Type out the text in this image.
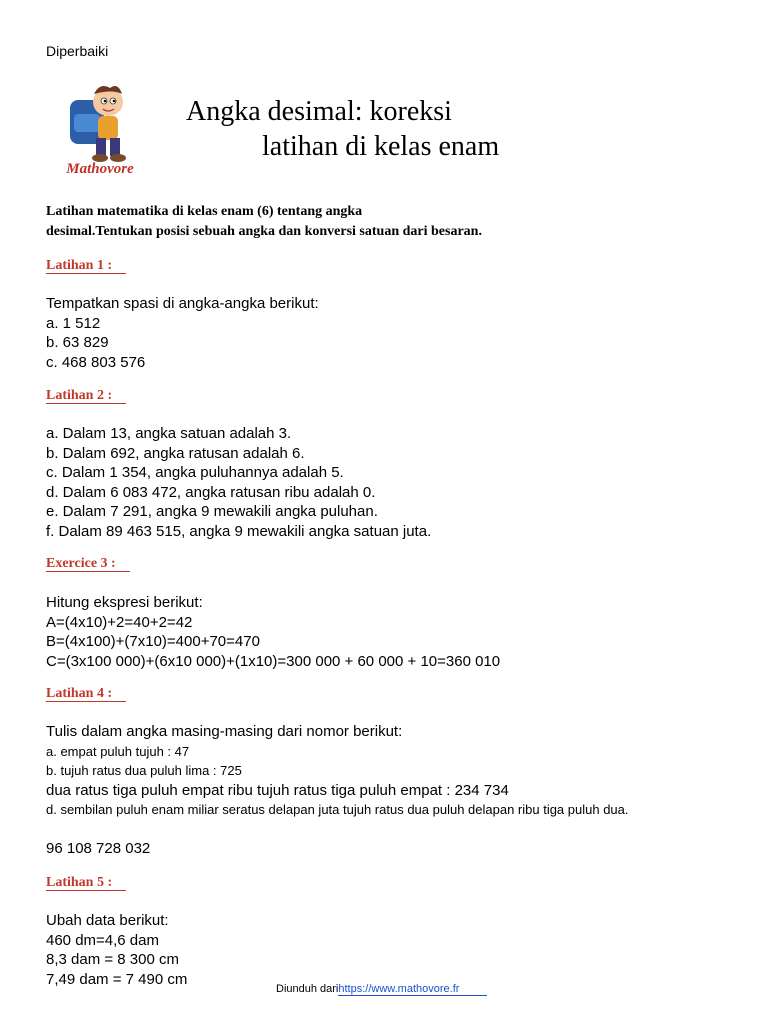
Diperbaiki
Mathovore
Angka desimal: koreksi
latihan di kelas enam
Latihan matematika di kelas enam (6) tentang angka
desimal.Tentukan posisi sebuah angka dan konversi satuan dari besaran.
Latihan 1 :
Tempatkan spasi di angka-angka berikut:
a. 1 512
b. 63 829
c. 468 803 576
Latihan 2 :
a. Dalam 13, angka satuan adalah 3.
b. Dalam 692, angka ratusan adalah 6.
c. Dalam 1 354, angka puluhannya adalah 5.
d. Dalam 6 083 472, angka ratusan ribu adalah 0.
e. Dalam 7 291, angka 9 mewakili angka puluhan.
f. Dalam 89 463 515, angka 9 mewakili angka satuan juta.
Exercice 3 :
Hitung ekspresi berikut:
A=(4x10)+2=40+2=42
B=(4x100)+(7x10)=400+70=470
C=(3x100 000)+(6x10 000)+(1x10)=300 000 + 60 000 + 10=360 010
Latihan 4 :
Tulis dalam angka masing-masing dari nomor berikut:
a. empat puluh tujuh : 47
b. tujuh ratus dua puluh lima : 725
dua ratus tiga puluh empat ribu tujuh ratus tiga puluh empat : 234 734
d. sembilan puluh enam miliar seratus delapan juta tujuh ratus dua puluh delapan ribu tiga puluh dua.
96 108 728 032
Latihan 5 :
Ubah data berikut:
460 dm=4,6 dam
8,3 dam = 8 300 cm
7,49 dam = 7 490 cm
Diunduh darihttps://www.mathovore.fr
